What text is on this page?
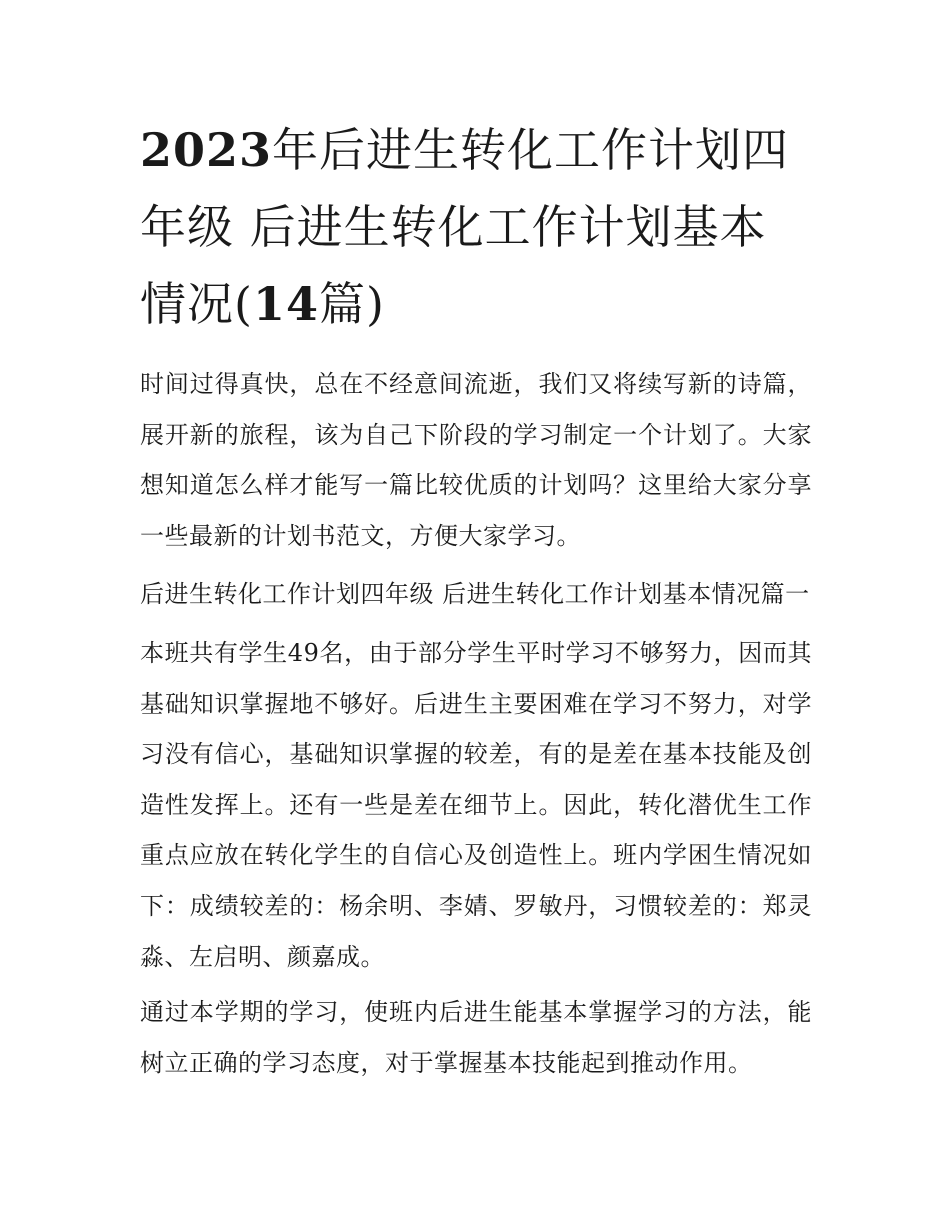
2023年后进生转化工作计划四年级 后进生转化工作计划基本情况(14篇)

时间过得真快，总在不经意间流逝，我们又将续写新的诗篇，展开新的旅程，该为自己下阶段的学习制定一个计划了。大家想知道怎么样才能写一篇比较优质的计划吗？这里给大家分享一些最新的计划书范文，方便大家学习。

后进生转化工作计划四年级 后进生转化工作计划基本情况篇一

本班共有学生49名，由于部分学生平时学习不够努力，因而其基础知识掌握地不够好。后进生主要困难在学习不努力，对学习没有信心，基础知识掌握的较差，有的是差在基本技能及创造性发挥上。还有一些是差在细节上。因此，转化潜优生工作重点应放在转化学生的自信心及创造性上。班内学困生情况如下：成绩较差的：杨余明、李婧、罗敏丹，习惯较差的：郑灵淼、左启明、颜嘉成。

通过本学期的学习，使班内后进生能基本掌握学习的方法，能树立正确的学习态度，对于掌握基本技能起到推动作用。
